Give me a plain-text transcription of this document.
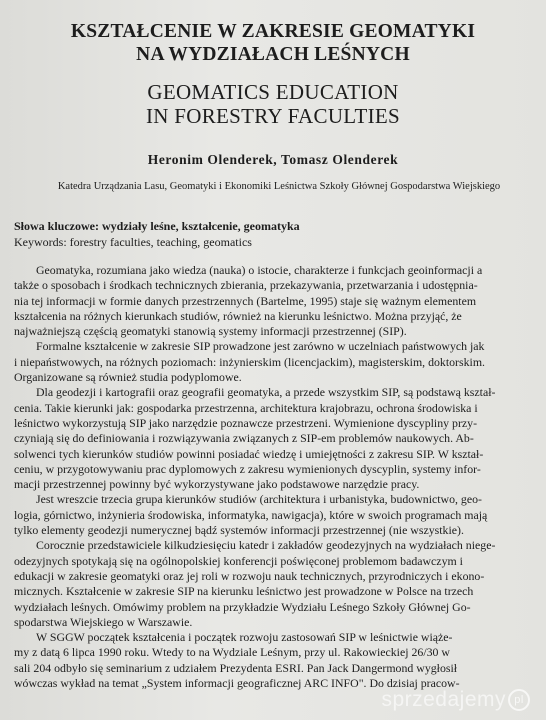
KSZTAŁCENIE W ZAKRESIE GEOMATYKI
NA WYDZIAŁACH LEŚNYCH
GEOMATICS EDUCATION
IN FORESTRY FACULTIES
Heronim Olenderek, Tomasz Olenderek
Katedra Urządzania Lasu, Geomatyki i Ekonomiki Leśnictwa Szkoły Głównej Gospodarstwa Wiejskiego
Słowa kluczowe: wydziały leśne, kształcenie, geomatyka
Keywords: forestry faculties, teaching, geomatics
Geomatyka, rozumiana jako wiedza (nauka) o istocie, charakterze i funkcjach geoinformacji a
także o sposobach i środkach technicznych zbierania, przekazywania, przetwarzania i udostępnia-
nia tej informacji w formie danych przestrzennych (Bartelme, 1995) staje się ważnym elementem
kształcenia na różnych kierunkach studiów, również na kierunku leśnictwo. Można przyjąć, że
najważniejszą częścią geomatyki stanowią systemy informacji przestrzennej (SIP).
Formalne kształcenie w zakresie SIP prowadzone jest zarówno w uczelniach państwowych jak
i niepaństwowych, na różnych poziomach: inżynierskim (licencjackim), magisterskim, doktorskim.
Organizowane są również studia podyplomowe.
Dla geodezji i kartografii oraz geografii geomatyka, a przede wszystkim SIP, są podstawą kształ-
cenia. Takie kierunki jak: gospodarka przestrzenna, architektura krajobrazu, ochrona środowiska i
leśnictwo wykorzystują SIP jako narzędzie poznawcze przestrzeni. Wymienione dyscypliny przy-
czyniają się do definiowania i rozwiązywania związanych z SIP-em problemów naukowych. Ab-
solwenci tych kierunków studiów powinni posiadać wiedzę i umiejętności z zakresu SIP. W kształ-
ceniu, w przygotowywaniu prac dyplomowych z zakresu wymienionych dyscyplin, systemy infor-
macji przestrzennej powinny być wykorzystywane jako podstawowe narzędzie pracy.
Jest wreszcie trzecia grupa kierunków studiów (architektura i urbanistyka, budownictwo, geo-
logia, górnictwo, inżynieria środowiska, informatyka, nawigacja), które w swoich programach mają
tylko elementy geodezji numerycznej bądź systemów informacji przestrzennej (nie wszystkie).
Corocznie przedstawiciele kilkudziesięciu katedr i zakładów geodezyjnych na wydziałach niege-
odezyjnych spotykają się na ogólnopolskiej konferencji poświęconej problemom badawczym i
edukacji w zakresie geomatyki oraz jej roli w rozwoju nauk technicznych, przyrodniczych i ekono-
micznych. Kształcenie w zakresie SIP na kierunku leśnictwo jest prowadzone w Polsce na trzech
wydziałach leśnych. Omówimy problem na przykładzie Wydziału Leśnego Szkoły Głównej Go-
spodarstwa Wiejskiego w Warszawie.
W SGGW początek kształcenia i początek rozwoju zastosowań SIP w leśnictwie wiąże-
my z datą 6 lipca 1990 roku. Wtedy to na Wydziale Leśnym, przy ul. Rakowieckiej 26/30 w
sali 204 odbyło się seminarium z udziałem Prezydenta ESRI. Pan Jack Dangermond wygłosił
wówczas wykład na temat „System informacji geograficznej ARC INFO". Do dzisiaj pracow-
sprzedajemy pl
